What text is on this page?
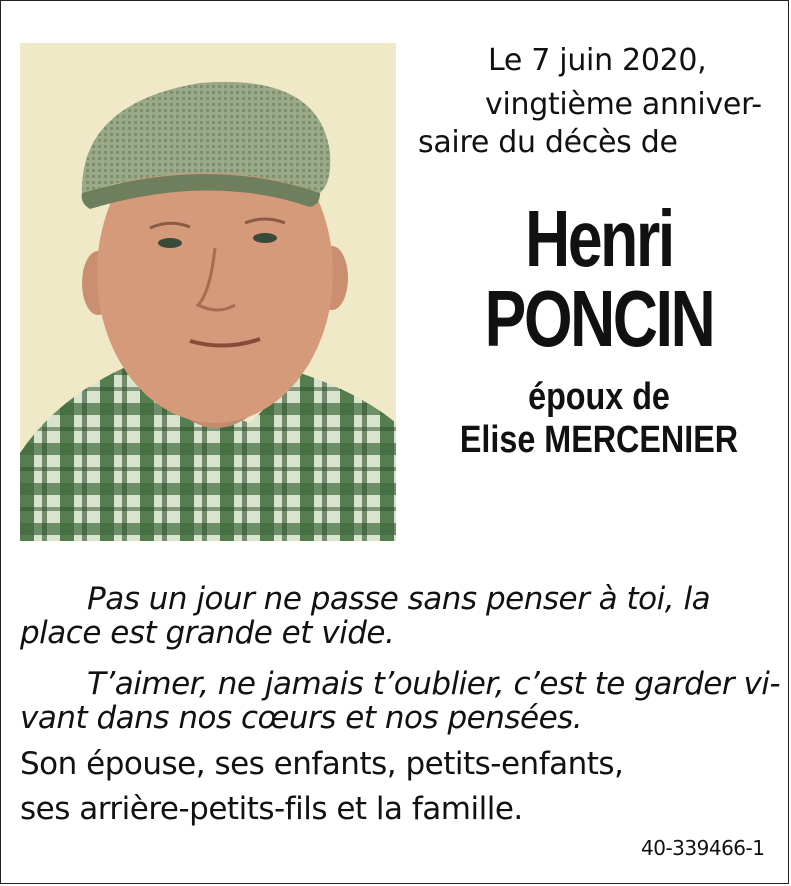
Le 7 juin 2020,
vingtième anniver-
saire du décès de
Henri
PONCIN
époux de
Elise MERCENIER
Pas un jour ne passe sans penser à toi, la
place est grande et vide.
T’aimer, ne jamais t’oublier, c’est te garder vi-
vant dans nos cœurs et nos pensées.
Son épouse, ses enfants, petits-enfants,
ses arrière-petits-fils et la famille.
40-339466-1
